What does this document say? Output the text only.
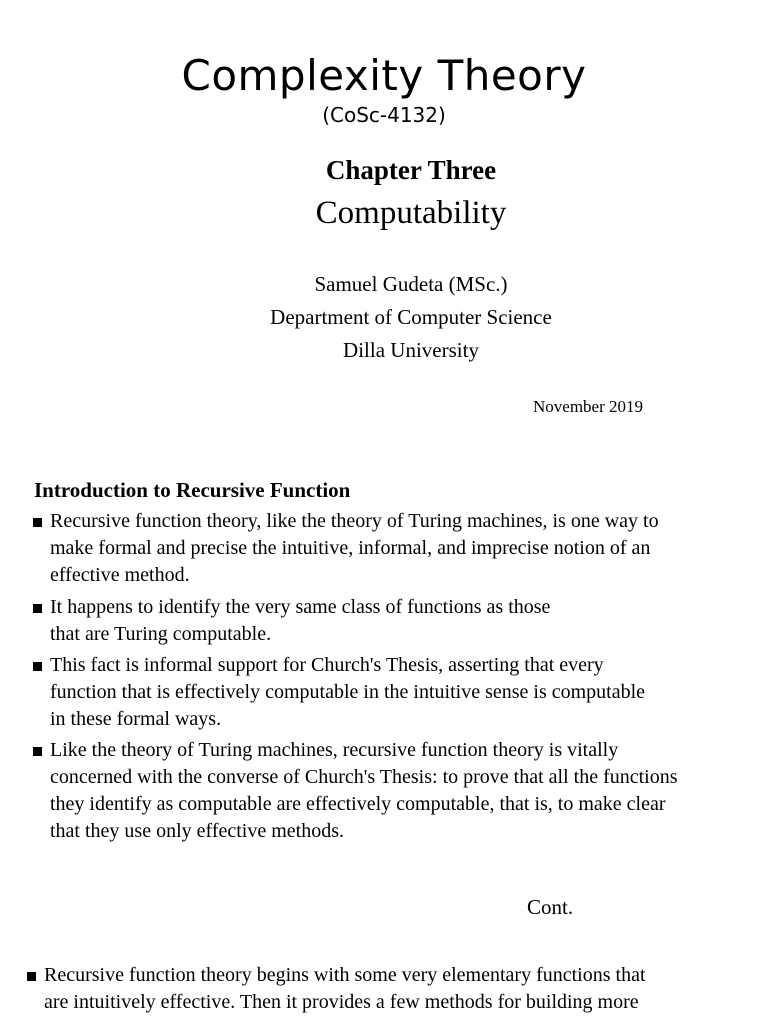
Complexity Theory
(CoSc-4132)
Chapter Three
Computability
Samuel Gudeta (MSc.)
Department of Computer Science
Dilla University
November 2019
Introduction to Recursive Function
Recursive function theory, like the theory of Turing machines, is one way to
make formal and precise the intuitive, informal, and imprecise notion of an
effective method.
It happens to identify the very same class of functions as those
that are Turing computable.
This fact is informal support for Church's Thesis, asserting that every
function that is effectively computable in the intuitive sense is computable
in these formal ways.
Like the theory of Turing machines, recursive function theory is vitally
concerned with the converse of Church's Thesis: to prove that all the functions
they identify as computable are effectively computable, that is, to make clear
that they use only effective methods.
Cont.
Recursive function theory begins with some very elementary functions that
are intuitively effective. Then it provides a few methods for building more
